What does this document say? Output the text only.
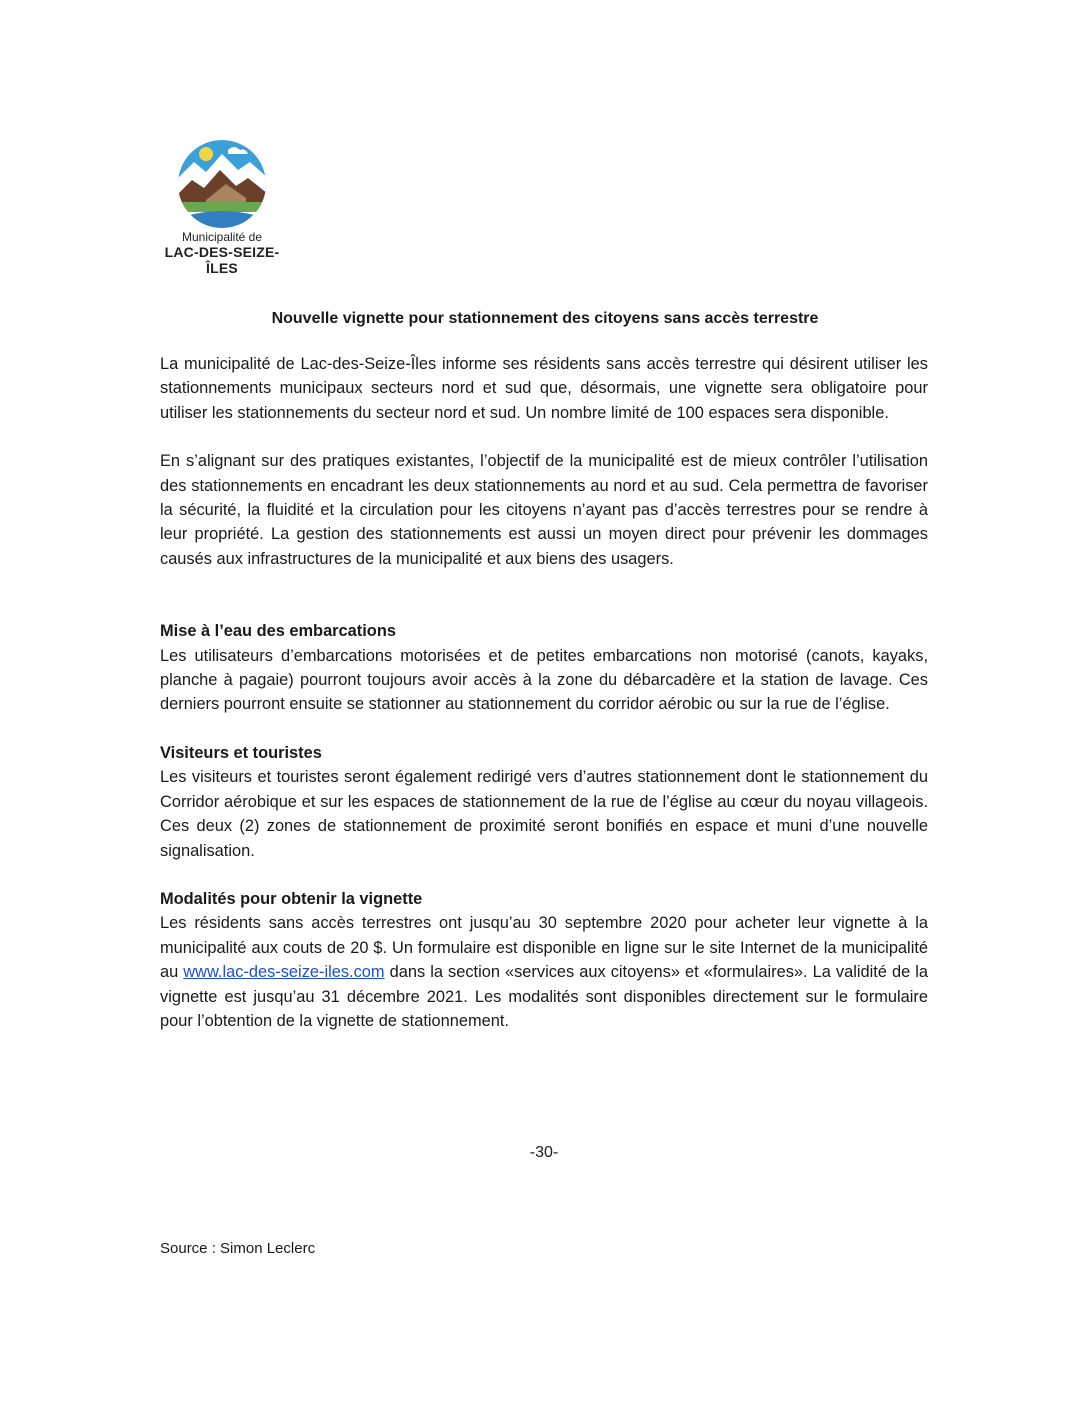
Municipalité de
LAC-DES-SEIZE-ÎLES
Nouvelle vignette pour stationnement des citoyens sans accès terrestre

La municipalité de Lac-des-Seize-Îles informe ses résidents sans accès terrestre qui désirent utiliser les stationnements municipaux secteurs nord et sud que, désormais, une vignette sera obligatoire pour utiliser les stationnements du secteur nord et sud. Un nombre limité de 100 espaces sera disponible.

En s’alignant sur des pratiques existantes, l’objectif de la municipalité est de mieux contrôler l’utilisation des stationnements en encadrant les deux stationnements au nord et au sud. Cela permettra de favoriser la sécurité, la fluidité et la circulation pour les citoyens n’ayant pas d’accès terrestres pour se rendre à leur propriété. La gestion des stationnements est aussi un moyen direct pour prévenir les dommages causés aux infrastructures de la municipalité et aux biens des usagers.

Mise à l’eau des embarcations

Les utilisateurs d’embarcations motorisées et de petites embarcations non motorisé (canots, kayaks, planche à pagaie) pourront toujours avoir accès à la zone du débarcadère et la station de lavage. Ces derniers pourront ensuite se stationner au stationnement du corridor aérobic ou sur la rue de l’église.

Visiteurs et touristes

Les visiteurs et touristes seront également redirigé vers d’autres stationnement dont le stationnement du Corridor aérobique et sur les espaces de stationnement de la rue de l’église au cœur du noyau villageois. Ces deux (2) zones de stationnement de proximité seront bonifiés en espace et muni d’une nouvelle signalisation.

Modalités pour obtenir la vignette

Les résidents sans accès terrestres ont jusqu’au 30 septembre 2020 pour acheter leur vignette à la municipalité aux couts de 20 $. Un formulaire est disponible en ligne sur le site Internet de la municipalité au www.lac-des-seize-iles.com dans la section «services aux citoyens» et «formulaires». La validité de la vignette est jusqu’au 31 décembre 2021. Les modalités sont disponibles directement sur le formulaire pour l’obtention de la vignette de stationnement.

-30-
Source : Simon Leclerc
